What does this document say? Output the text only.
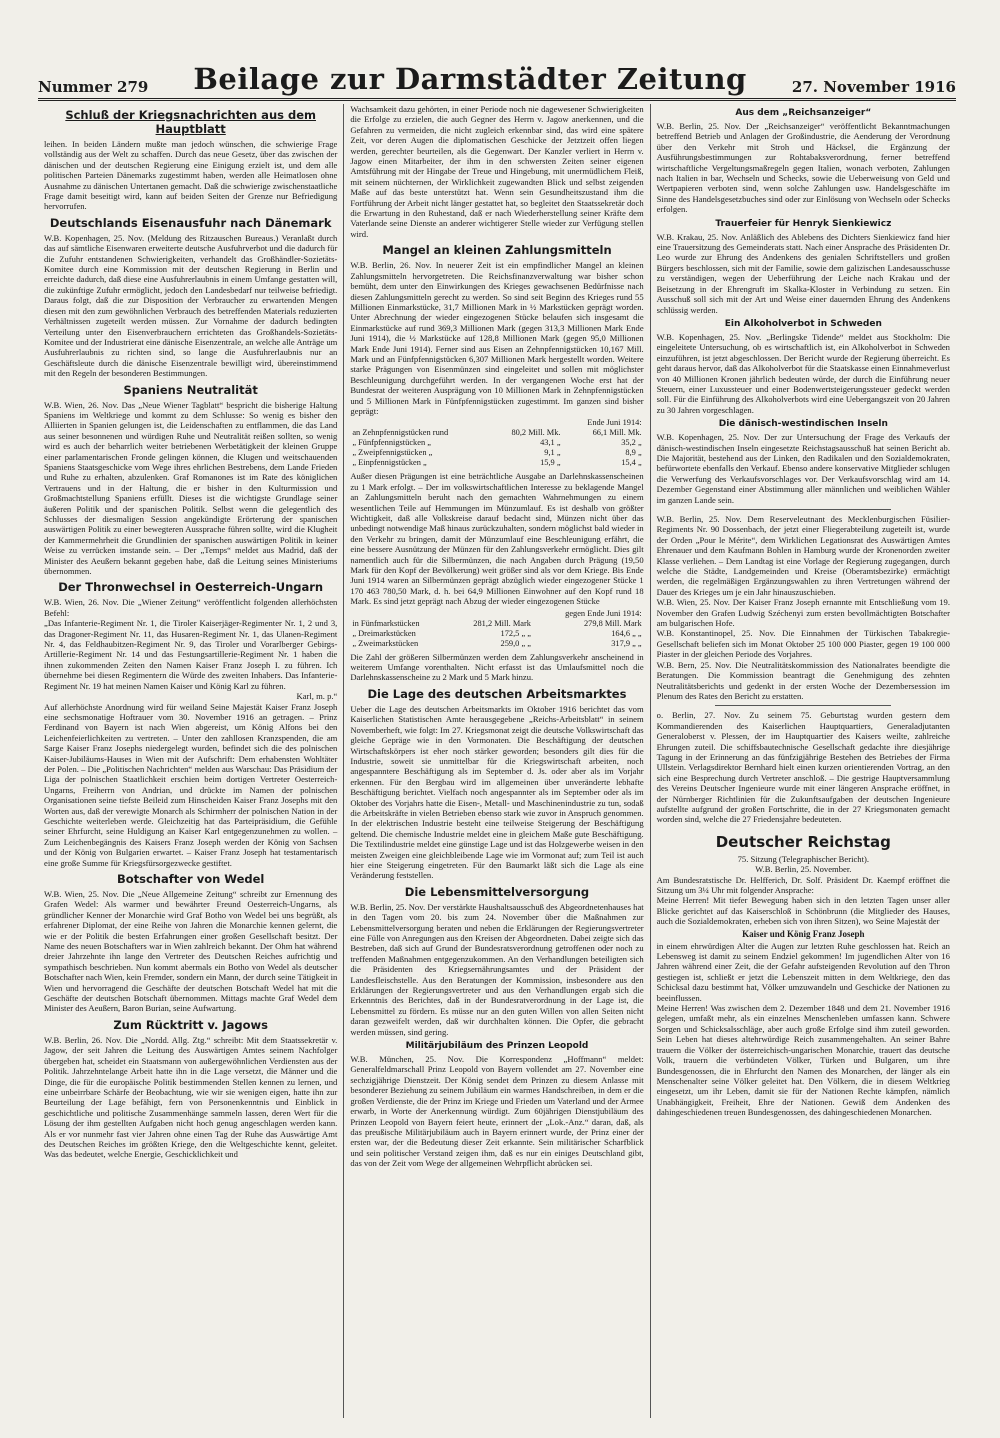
Nummer 279 Beilage zur Darmstädter Zeitung	27. November 1916
Schluß der Kriegsnachrichten aus dem Hauptblatt

leihen. In beiden Ländern mußte man jedoch wünschen, die schwierige Frage vollständig aus der Welt zu schaffen. Durch das neue Gesetz, über das zwischen der dänischen und der deutschen Regierung eine Einigung erzielt ist, und dem alle politischen Parteien Dänemarks zugestimmt haben, werden alle Heimatlosen ohne Ausnahme zu dänischen Untertanen gemacht. Daß die schwierige zwischenstaatliche Frage damit beseitigt wird, kann auf beiden Seiten der Grenze nur Befriedigung hervorrufen.

Deutschlands Eisenausfuhr nach Dänemark

W.B. Kopenhagen, 25. Nov. (Meldung des Ritzauschen Bureaus.) Veranlaßt durch das auf sämtliche Eisenwaren erweiterte deutsche Ausfuhrverbot und die dadurch für die Zufuhr entstandenen Schwierigkeiten, verhandelt das Großhändler-Sozietäts-Komitee durch eine Kommission mit der deutschen Regierung in Berlin und erreichte dadurch, daß diese eine Ausfuhrerlaubnis in einem Umfange gestatten will, die zukünftige Zufuhr ermöglicht, jedoch den Landesbedarf nur teilweise befriedigt. Daraus folgt, daß die zur Disposition der Verbraucher zu erwartenden Mengen diesen mit den zum gewöhnlichen Verbrauch des betreffenden Materials reduzierten Verhältnissen zugeteilt werden müssen. Zur Vornahme der dadurch bedingten Verteilung unter den Eisenverbrauchern errichteten das Großhandels-Sozietäts-Komitee und der Industrierat eine dänische Eisenzentrale, an welche alle Anträge um Ausfuhrerlaubnis zu richten sind, so lange die Ausfuhrerlaubnis nur an Geschäftsleute durch die dänische Eisenzentrale bewilligt wird, übereinstimmend mit den Regeln der besonderen Bestimmungen.

Spaniens Neutralität

W.B. Wien, 26. Nov. Das „Neue Wiener Tagblatt“ bespricht die bisherige Haltung Spaniens im Weltkriege und kommt zu dem Schlusse: So wenig es bisher den Alliierten in Spanien gelungen ist, die Leidenschaften zu entflammen, die das Land aus seiner besonnenen und würdigen Ruhe und Neutralität reißen sollten, so wenig wird es auch der beharrlich weiter betriebenen Werbetätigkeit der kleinen Gruppe einer parlamentarischen Fronde gelingen können, die Klugen und weitschauenden Spaniens Staatsgeschicke vom Wege ihres ehrlichen Bestrebens, dem Lande Frieden und Ruhe zu erhalten, abzulenken. Graf Romanones ist im Rate des königlichen Vertrauens und in der Haltung, die er bisher in den Kulturmission und Großmachtstellung Spaniens erfüllt. Dieses ist die wichtigste Grundlage seiner äußeren Politik und der spanischen Politik. Selbst wenn die gelegentlich des Schlusses der diesmaligen Session angekündigte Erörterung der spanischen auswärtigen Politik zu einer bewegteren Aussprache führen sollte, wird die Klugheit der Kammermehrheit die Grundlinien der spanischen auswärtigen Politik in keiner Weise zu verrücken imstande sein. – Der „Temps“ meldet aus Madrid, daß der Minister des Aeußern bekannt gegeben habe, daß die Leitung seines Ministeriums übernommen.

Der Thronwechsel in Oesterreich-Ungarn

W.B. Wien, 26. Nov. Die „Wiener Zeitung“ veröffentlicht folgenden allerhöchsten Befehl:

„Das Infanterie-Regiment Nr. 1, die Tiroler Kaiserjäger-Regimenter Nr. 1, 2 und 3, das Dragoner-Regiment Nr. 11, das Husaren-Regiment Nr. 1, das Ulanen-Regiment Nr. 4, das Feldhaubitzen-Regiment Nr. 9, das Tiroler und Vorarlberger Gebirgs-Artillerie-Regiment Nr. 14 und das Festungsartillerie-Regiment Nr. 1 haben die ihnen zukommenden Zeiten den Namen Kaiser Franz Joseph I. zu führen. Ich übernehme bei diesen Regimentern die Würde des zweiten Inhabers. Das Infanterie-Regiment Nr. 19 hat meinen Namen Kaiser und König Karl zu führen.

Karl, m. p.“

Auf allerhöchste Anordnung wird für weiland Seine Majestät Kaiser Franz Joseph eine sechsmonatige Hoftrauer vom 30. November 1916 an getragen. – Prinz Ferdinand von Bayern ist nach Wien abgereist, um König Alfons bei den Leichenfeierlichkeiten zu vertreten. – Unter den zahllosen Kranzspenden, die am Sarge Kaiser Franz Josephs niedergelegt wurden, befindet sich die des polnischen Kaiser-Jubiläums-Hauses in Wien mit der Aufschrift: Dem erhabensten Wohltäter der Polen. – Die „Politischen Nachrichten“ melden aus Warschau: Das Präsidium der Liga der polnischen Staatlichkeit erschien beim dortigen Vertreter Oesterreich-Ungarns, Freiherrn von Andrian, und drückte im Namen der polnischen Organisationen seine tiefste Beileid zum Hinscheiden Kaiser Franz Josephs mit den Worten aus, daß der verewigte Monarch als Schirmherr der polnischen Nation in der Geschichte weiterleben werde. Gleichzeitig hat das Parteipräsidium, die Gefühle seiner Ehrfurcht, seine Huldigung an Kaiser Karl entgegenzunehmen zu wollen. – Zum Leichenbegängnis des Kaisers Franz Joseph werden der König von Sachsen und der König von Bulgarien erwartet. – Kaiser Franz Joseph hat testamentarisch eine große Summe für Kriegsfürsorgezwecke gestiftet.

Botschafter von Wedel

W.B. Wien, 25. Nov. Die „Neue Allgemeine Zeitung“ schreibt zur Ernennung des Grafen Wedel: Als warmer und bewährter Freund Oesterreich-Ungarns, als gründlicher Kenner der Monarchie wird Graf Botho von Wedel bei uns begrüßt, als erfahrener Diplomat, der eine Reihe von Jahren die Monarchie kennen gelernt, die wie er der Politik die besten Erfahrungen einer großen Gesellschaft besitzt. Der Name des neuen Botschafters war in Wien zahlreich bekannt. Der Ohm hat während dreier Jahrzehnte ihn lange den Vertreter des Deutschen Reiches aufrichtig und sympathisch beschrieben. Nun kommt abermals ein Botho von Wedel als deutscher Botschafter nach Wien, kein Fremder, sondern ein Mann, der durch seine Tätigkeit in Wien und hervorragend die Geschäfte der deutschen Botschaft Wedel hat mit die Geschäfte der deutschen Botschaft übernommen. Mittags machte Graf Wedel dem Minister des Aeußern, Baron Burian, seine Aufwartung.

Zum Rücktritt v. Jagows

W.B. Berlin, 26. Nov. Die „Nordd. Allg. Ztg.“ schreibt: Mit dem Staatssekretär v. Jagow, der seit Jahren die Leitung des Auswärtigen Amtes seinem Nachfolger übergeben hat, scheidet ein Staatsmann von außergewöhnlichen Verdiensten aus der Politik. Jahrzehntelange Arbeit hatte ihn in die Lage versetzt, die Männer und die Dinge, die für die europäische Politik bestimmenden Stellen kennen zu lernen, und eine unbeirrbare Schärfe der Beobachtung, wie wir sie wenigen eigen, hatte ihn zur Beurteilung der Lage befähigt, fern von Personenkenntnis und Einblick in geschichtliche und politische Zusammenhänge sammeln lassen, deren Wert für die Lösung der ihm gestellten Aufgaben nicht hoch genug angeschlagen werden kann. Als er vor nunmehr fast vier Jahren ohne einen Tag der Ruhe das Auswärtige Amt des Deutschen Reiches im größten Kriege, den die Weltgeschichte kennt, geleitet. Was das bedeutet, welche Energie, Geschicklichkeit und

Wachsamkeit dazu gehörten, in einer Periode noch nie dagewesener Schwierigkeiten die Erfolge zu erzielen, die auch Gegner des Herrn v. Jagow anerkennen, und die Gefahren zu vermeiden, die nicht zugleich erkennbar sind, das wird eine spätere Zeit, vor deren Augen die diplomatischen Geschicke der Jetztzeit offen liegen werden, gerechter beurteilen, als die Gegenwart. Der Kanzler verliert in Herrn v. Jagow einen Mitarbeiter, der ihm in den schwersten Zeiten seiner eigenen Amtsführung mit der Hingabe der Treue und Hingebung, mit unermüdlichem Fleiß, mit seinem nüchternen, der Wirklichkeit zugewandten Blick und selbst zeigenden Maße auf das beste unterstützt hat. Wenn sein Gesundheitszustand ihm die Fortführung der Arbeit nicht länger gestattet hat, so begleitet den Staatssekretär doch die Erwartung in den Ruhestand, daß er nach Wiederherstellung seiner Kräfte dem Vaterlande seine Dienste an anderer wichtigerer Stelle wieder zur Verfügung stellen wird.

Mangel an kleinen Zahlungsmitteln

W.B. Berlin, 26. Nov. In neuerer Zeit ist ein empfindlicher Mangel an kleinen Zahlungsmitteln hervorgetreten. Die Reichsfinanzverwaltung war bisher schon bemüht, dem unter den Einwirkungen des Krieges gewachsenen Bedürfnisse nach diesen Zahlungsmitteln gerecht zu werden. So sind seit Beginn des Krieges rund 55 Millionen Einmarkstücke, 31,7 Millionen Mark in ½ Markstücken geprägt worden. Unter Abrechnung der wieder eingezogenen Stücke belaufen sich insgesamt die Einmarkstücke auf rund 369,3 Millionen Mark (gegen 313,3 Millionen Mark Ende Juni 1914), die ½ Markstücke auf 128,8 Millionen Mark (gegen 95,0 Millionen Mark Ende Juni 1914). Ferner sind aus Eisen an Zehnpfennigstücken 10,167 Mill. Mark und an Fünfpfennigstücken 6,307 Millionen Mark hergestellt worden. Weitere starke Prägungen von Eisenmünzen sind eingeleitet und sollen mit möglichster Beschleunigung durchgeführt werden. In der vergangenen Woche erst hat der Bundesrat der weiteren Ausprägung von 10 Millionen Mark in Zehnpfennigstücken und 5 Millionen Mark in Fünfpfennigstücken zugestimmt. Im ganzen sind bisher geprägt:

		Ende Juni 1914:
an Zehnpfennigstücken rund	80,2 Mill. Mk.	66,1 Mill. Mk.
„ Fünfpfennigstücken „	43,1 „	35,2 „
„ Zweipfennigstücken „	9,1 „	8,9 „
„ Einpfennigstücken „	15,9 „	15,4 „

Außer diesen Prägungen ist eine beträchtliche Ausgabe an Darlehnskassenscheinen zu 1 Mark erfolgt. – Der im volkswirtschaftlichen Interesse zu beklagende Mangel an Zahlungsmitteln beruht nach den gemachten Wahrnehmungen zu einem wesentlichen Teile auf Hemmungen im Münzumlauf. Es ist deshalb von größter Wichtigkeit, daß alle Volkskreise darauf bedacht sind, Münzen nicht über das unbedingt notwendige Maß hinaus zurückzuhalten, sondern möglichst bald wieder in den Verkehr zu bringen, damit der Münzumlauf eine Beschleunigung erfährt, die eine bessere Ausnützung der Münzen für den Zahlungsverkehr ermöglicht. Dies gilt namentlich auch für die Silbermünzen, die nach Angaben durch Prägung (19,50 Mark für den Kopf der Bevölkerung) weit größer sind als vor dem Kriege. Bis Ende Juni 1914 waren an Silbermünzen geprägt abzüglich wieder eingezogener Stücke 1 170 463 780,50 Mark, d. h. bei 64,9 Millionen Einwohner auf den Kopf rund 18 Mark. Es sind jetzt geprägt nach Abzug der wieder eingezogenen Stücke

		gegen Ende Juni 1914:
in Fünfmarkstücken	281,2 Mill. Mark	279,8 Mill. Mark
„ Dreimarkstücken	172,5 „ „	164,6 „ „
„ Zweimarkstücken	259,0 „ „	317,9 „ „

Die Zahl der größeren Silbermünzen werden dem Zahlungsverkehr anscheinend in weiterem Umfange vorenthalten. Nicht erfasst ist das Umlaufsmittel noch die Darlehnskassenscheine zu 2 Mark und 5 Mark hinzu.

Die Lage des deutschen Arbeitsmarktes

Ueber die Lage des deutschen Arbeitsmarkts im Oktober 1916 berichtet das vom Kaiserlichen Statistischen Amte herausgegebene „Reichs-Arbeitsblatt“ in seinem Novemberheft, wie folgt: Im 27. Kriegsmonat zeigt die deutsche Volkswirtschaft das gleiche Gepräge wie in den Vormonaten. Die Beschäftigung der deutschen Wirtschaftskörpers ist eher noch stärker geworden; besonders gilt dies für die Industrie, soweit sie unmittelbar für die Kriegswirtschaft arbeiten, noch angespanntere Beschäftigung als im September d. Js. oder aber als im Vorjahr erkennen. Für den Bergbau wird im allgemeinen über unveränderte lebhafte Beschäftigung berichtet. Vielfach noch angespannter als im September oder als im Oktober des Vorjahrs hatte die Eisen-, Metall- und Maschinenindustrie zu tun, sodaß die Arbeitskräfte in vielen Betrieben ebenso stark wie zuvor in Anspruch genommen. In der elektrischen Industrie besteht eine teilweise Steigerung der Beschäftigung geltend. Die chemische Industrie meldet eine in gleichem Maße gute Beschäftigung. Die Textilindustrie meldet eine günstige Lage und ist das Holzgewerbe weisen in den meisten Zweigen eine gleichbleibende Lage wie im Vormonat auf; zum Teil ist auch hier eine Steigerung eingetreten. Für den Baumarkt läßt sich die Lage als eine Veränderung feststellen.

Die Lebensmittelversorgung

W.B. Berlin, 25. Nov. Der verstärkte Haushaltsausschuß des Abgeordnetenhauses hat in den Tagen vom 20. bis zum 24. November über die Maßnahmen zur Lebensmittelversorgung beraten und neben die Erklärungen der Regierungsvertreter eine Fülle von Anregungen aus den Kreisen der Abgeordneten. Dabei zeigte sich das Bestreben, daß sich auf Grund der Bundesratsverordnung getroffenen oder noch zu treffenden Maßnahmen entgegenzukommen. An den Verhandlungen beteiligten sich die Präsidenten des Kriegsernährungsamtes und der Präsident der Landesfleischstelle. Aus den Beratungen der Kommission, insbesondere aus den Erklärungen der Regierungsvertreter und aus den Verhandlungen ergab sich die Erkenntnis des Berichtes, daß in der Bundesratverordnung in der Lage ist, die Lebensmittel zu fördern. Es müsse nur an den guten Willen von allen Seiten nicht daran gezweifelt werden, daß wir durchhalten können. Die Opfer, die gebracht werden müssen, sind gering.

Militärjubiläum des Prinzen Leopold

W.B. München, 25. Nov. Die Korrespondenz „Hoffmann“ meldet: Generalfeldmarschall Prinz Leopold von Bayern vollendet am 27. November eine sechzigjährige Dienstzeit. Der König sendet dem Prinzen zu diesem Anlasse mit besonderer Beziehung zu seinem Jubiläum ein warmes Handschreiben, in dem er die großen Verdienste, die der Prinz im Kriege und Frieden um Vaterland und der Armee erwarb, in Worte der Anerkennung würdigt. Zum 60jährigen Dienstjubiläum des Prinzen Leopold von Bayern feiert heute, erinnert der „Lok.-Anz.“ daran, daß, als das preußische Militärjubiläum auch in Bayern erinnert wurde, der Prinz einer der ersten war, der die Bedeutung dieser Zeit erkannte. Sein militärischer Scharfblick und sein politischer Verstand zeigen ihm, daß es nur ein einiges Deutschland gibt, das von der Zeit vom Wege der allgemeinen Wehrpflicht abrücken sei.

Aus dem „Reichsanzeiger“

W.B. Berlin, 25. Nov. Der „Reichsanzeiger“ veröffentlicht Bekanntmachungen betreffend Betrieb und Anlagen der Großindustrie, die Aenderung der Verordnung über den Verkehr mit Stroh und Häcksel, die Ergänzung der Ausführungsbestimmungen zur Rohtabaksverordnung, ferner betreffend wirtschaftliche Vergeltungsmaßregeln gegen Italien, wonach verboten, Zahlungen nach Italien in bar, Wechseln und Schecks, sowie die Ueberweisung von Geld und Wertpapieren verboten sind, wenn solche Zahlungen usw. Handelsgeschäfte im Sinne des Handelsgesetzbuches sind oder zur Einlösung von Wechseln oder Schecks erfolgen.

Trauerfeier für Henryk Sienkiewicz

W.B. Krakau, 25. Nov. Anläßlich des Ablebens des Dichters Sienkiewicz fand hier eine Trauersitzung des Gemeinderats statt. Nach einer Ansprache des Präsidenten Dr. Leo wurde zur Ehrung des Andenkens des genialen Schriftstellers und großen Bürgers beschlossen, sich mit der Familie, sowie dem galizischen Landesausschusse zu verständigen, wegen der Ueberführung der Leiche nach Krakau und der Beisetzung in der Ehrengruft im Skalka-Kloster in Verbindung zu setzen. Ein Ausschuß soll sich mit der Art und Weise einer dauernden Ehrung des Andenkens schlüssig werden.

Ein Alkoholverbot in Schweden

W.B. Kopenhagen, 25. Nov. „Berlingske Tidende“ meldet aus Stockholm: Die eingeleitete Untersuchung, ob es wirtschaftlich ist, ein Alkoholverbot in Schweden einzuführen, ist jetzt abgeschlossen. Der Bericht wurde der Regierung überreicht. Es geht daraus hervor, daß das Alkoholverbot für die Staatskasse einen Einnahmeverlust von 40 Millionen Kronen jährlich bedeuten würde, der durch die Einführung neuer Steuern, einer Luxussteuer und einer Bodenwertsteigerungssteuer gedeckt werden soll. Für die Einführung des Alkoholverbots wird eine Uebergangszeit von 20 Jahren zu 30 Jahren vorgeschlagen.

Die dänisch-westindischen Inseln

W.B. Kopenhagen, 25. Nov. Der zur Untersuchung der Frage des Verkaufs der dänisch-westindischen Inseln eingesetzte Reichstagsausschuß hat seinen Bericht ab. Die Majorität, bestehend aus der Linken, den Radikalen und den Sozialdemokraten, befürwortete ebenfalls den Verkauf. Ebenso andere konservative Mitglieder schlugen die Verwerfung des Verkaufsvorschlages vor. Der Verkaufsvorschlag wird am 14. Dezember Gegenstand einer Abstimmung aller männlichen und weiblichen Wähler im ganzen Lande sein.

W.B. Berlin, 25. Nov. Dem Reserveleutnant des Mecklenburgischen Füsilier-Regiments Nr. 90 Dossenbach, der jetzt einer Fliegerabteilung zugeteilt ist, wurde der Orden „Pour le Mérite“, dem Wirklichen Legationsrat des Auswärtigen Amtes Ehrenauer und dem Kaufmann Bohlen in Hamburg wurde der Kronenorden zweiter Klasse verliehen. – Dem Landtag ist eine Vorlage der Regierung zugegangen, durch welche die Städte, Landgemeinden und Kreise (Oberamtsbezirke) ermächtigt werden, die regelmäßigen Ergänzungswahlen zu ihren Vertretungen während der Dauer des Krieges um je ein Jahr hinauszuschieben.

W.B. Wien, 25. Nov. Der Kaiser Franz Joseph ernannte mit Entschließung vom 19. November den Grafen Ludwig Széchenyi zum ersten bevollmächtigten Botschafter am bulgarischen Hofe.

W.B. Konstantinopel, 25. Nov. Die Einnahmen der Türkischen Tabakregie-Gesellschaft beliefen sich im Monat Oktober 25 100 000 Piaster, gegen 19 100 000 Piaster in der gleichen Periode des Vorjahres.

W.B. Bern, 25. Nov. Die Neutralitätskommission des Nationalrates beendigte die Beratungen. Die Kommission beantragt die Genehmigung des zehnten Neutralitätsberichts und gedenkt in der ersten Woche der Dezembersession im Plenum des Rates den Bericht zu erstatten.

o. Berlin, 27. Nov. Zu seinem 75. Geburtstag wurden gestern dem Kommandierenden des Kaiserlichen Hauptquartiers, Generaladjutanten Generaloberst v. Plessen, der im Hauptquartier des Kaisers weilte, zahlreiche Ehrungen zuteil. Die schiffsbautechnische Gesellschaft gedachte ihre diesjährige Tagung in der Erinnerung an das fünfzigjährige Bestehen des Betriebes der Firma Ullstein. Verlagsdirektor Bernhard hielt einen kurzen orientierenden Vortrag, an den sich eine Besprechung durch Vertreter anschloß. – Die gestrige Hauptversammlung des Vereins Deutscher Ingenieure wurde mit einer längeren Ansprache eröffnet, in der Nürnberger Richtlinien für die Zukunftsaufgaben der deutschen Ingenieure aufstellte aufgrund der großen Fortschritte, die in der 27 Kriegsmonaten gemacht worden sind, welche die 27 Friedensjahre bedeuteten.

Deutscher Reichstag

75. Sitzung (Telegraphischer Bericht).

W.B. Berlin, 25. November.

Am Bundesratstische Dr. Helfferich, Dr. Solf. Präsident Dr. Kaempf eröffnet die Sitzung um 3¼ Uhr mit folgender Ansprache:

Meine Herren! Mit tiefer Bewegung haben sich in den letzten Tagen unser aller Blicke gerichtet auf das Kaiserschloß in Schönbrunn (die Mitglieder des Hauses, auch die Sozialdemokraten, erheben sich von ihren Sitzen), wo Seine Majestät der

Kaiser und König Franz Joseph

in einem ehrwürdigen Alter die Augen zur letzten Ruhe geschlossen hat. Reich an Lebensweg ist damit zu seinem Endziel gekommen! Im jugendlichen Alter von 16 Jahren während einer Zeit, die der Gefahr aufsteigenden Revolution auf den Thron gestiegen ist, schließt er jetzt die Lebenszeit mitten in dem Weltkriege, den das Schicksal dazu bestimmt hat, Völker umzuwandeln und Geschicke der Nationen zu beeinflussen.

Meine Herren! Was zwischen dem 2. Dezember 1848 und dem 21. November 1916 gelegen, umfaßt mehr, als ein einzelnes Menschenleben umfassen kann. Schwere Sorgen und Schicksalsschläge, aber auch große Erfolge sind ihm zuteil geworden. Sein Leben hat dieses altehrwürdige Reich zusammengehalten. An seiner Bahre trauern die Völker der österreichisch-ungarischen Monarchie, trauert das deutsche Volk, trauern die verbündeten Völker, Türken und Bulgaren, um ihre Bundesgenossen, die in Ehrfurcht den Namen des Monarchen, der länger als ein Menschenalter seine Völker geleitet hat. Den Völkern, die in diesem Weltkrieg eingesetzt, um ihr Leben, damit sie für der Nationen Rechte kämpfen, nämlich Unabhängigkeit, Freiheit, Ehre der Nationen. Gewiß dem Andenken des dahingeschiedenen treuen Bundesgenossen, des dahingeschiedenen Monarchen.
